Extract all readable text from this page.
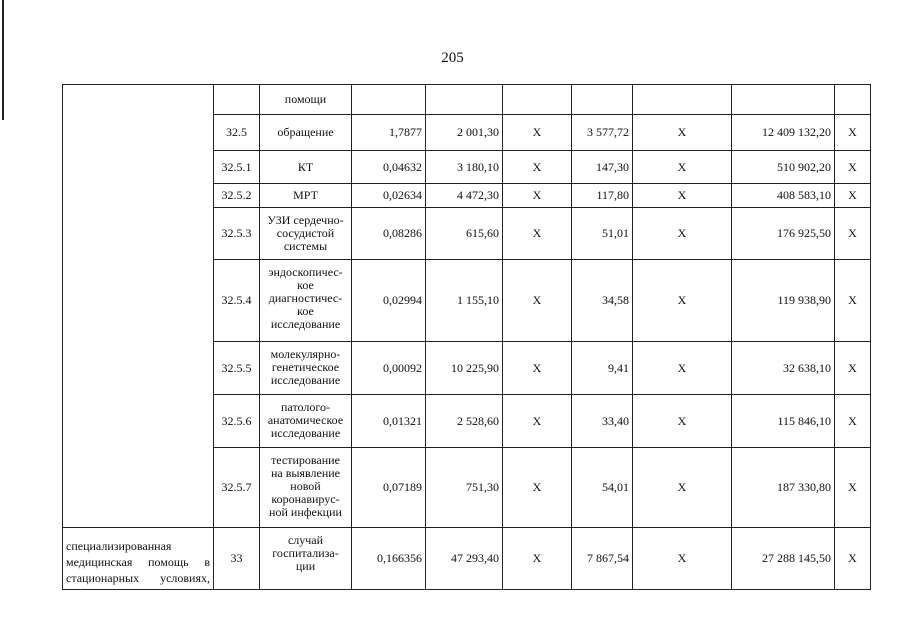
205
		помощи							
	32.5	обращение	1,7877	2 001,30	Х	3 577,72	Х	12 409 132,20	Х
	32.5.1	КТ	0,04632	3 180,10	Х	147,30	Х	510 902,20	Х
	32.5.2	МРТ	0,02634	4 472,30	Х	117,80	Х	408 583,10	Х
	32.5.3	УЗИ сердечно-
сосудистой
системы	0,08286	615,60	Х	51,01	Х	176 925,50	Х
	32.5.4	эндоскопичес-
кое
диагностичес-
кое
исследование	0,02994	1 155,10	Х	34,58	Х	119 938,90	Х
	32.5.5	молекулярно-
генетическое
исследование	0,00092	10 225,90	Х	9,41	Х	32 638,10	Х
	32.5.6	патолого-
анатомическое
исследование	0,01321	2 528,60	Х	33,40	Х	115 846,10	Х
	32.5.7	тестирование
на выявление
новой
коронавирус-
ной инфекции	0,07189	751,30	Х	54,01	Х	187 330,80	Х

специализированная медицинская помощь в стационарных условиях,	33	случай
госпитализа-
ции	0,166356	47 293,40	Х	7 867,54	Х	27 288 145,50	Х
